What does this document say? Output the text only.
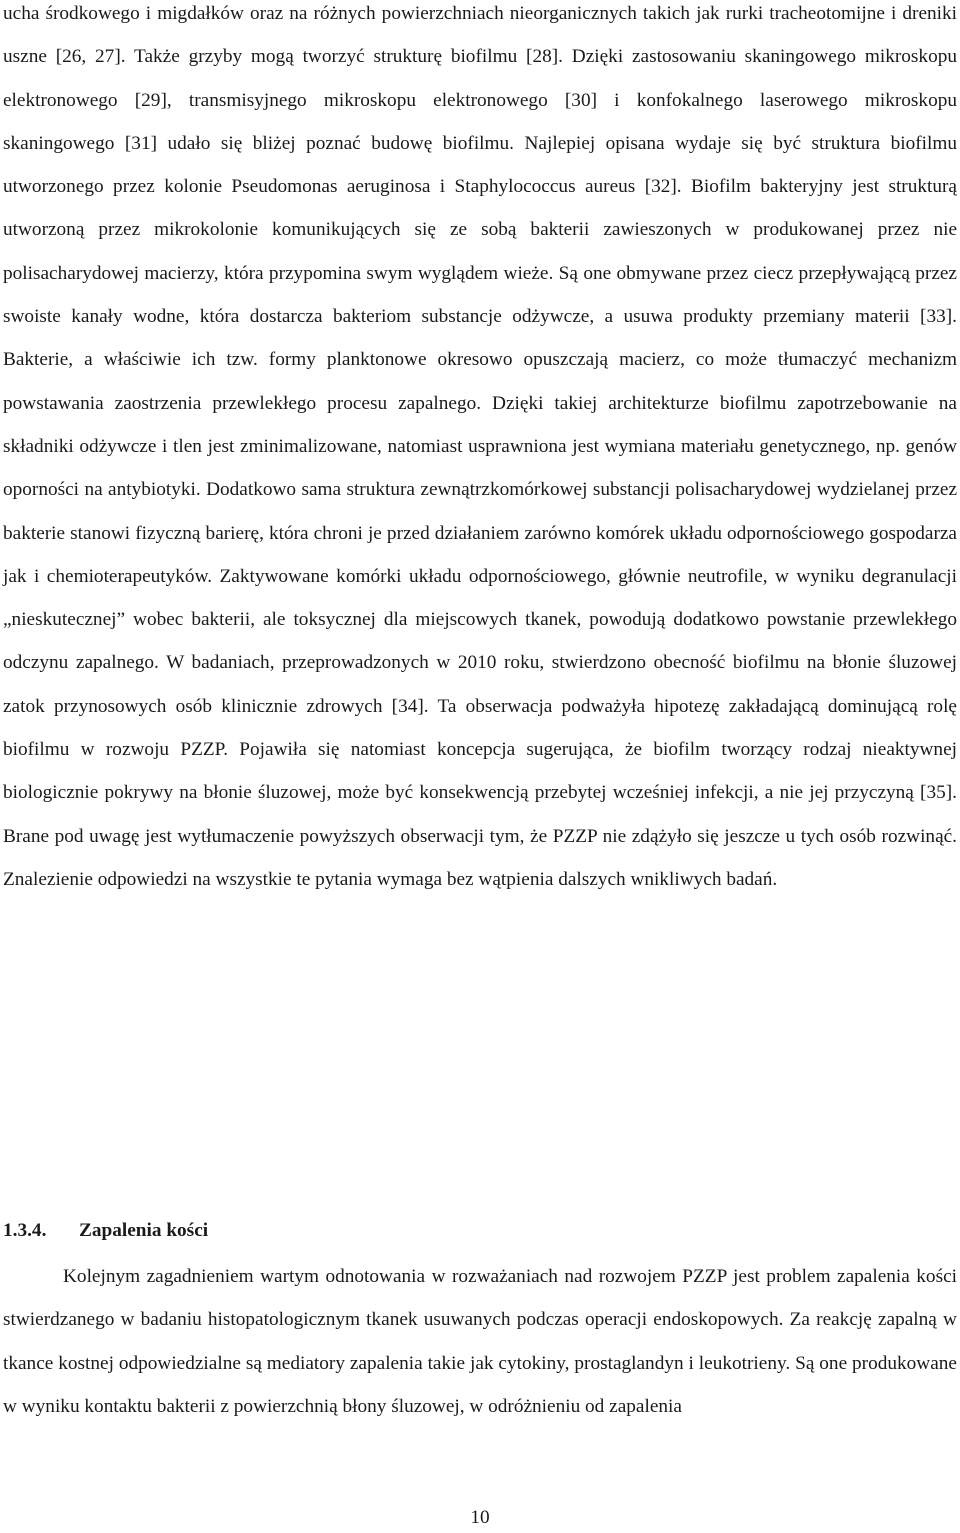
ucha środkowego i migdałków oraz na różnych powierzchniach nieorganicznych takich jak rurki tracheotomijne i dreniki uszne [26, 27]. Także grzyby mogą tworzyć strukturę biofilmu [28]. Dzięki zastosowaniu skaningowego mikroskopu elektronowego [29], transmisyjnego mikroskopu elektronowego [30] i konfokalnego laserowego mikroskopu skaningowego [31] udało się bliżej poznać budowę biofilmu. Najlepiej opisana wydaje się być struktura biofilmu utworzonego przez kolonie Pseudomonas aeruginosa i Staphylococcus aureus [32]. Biofilm bakteryjny jest strukturą utworzoną przez mikrokolonie komunikujących się ze sobą bakterii zawieszonych w produkowanej przez nie polisacharydowej macierzy, która przypomina swym wyglądem wieże. Są one obmywane przez ciecz przepływającą przez swoiste kanały wodne, która dostarcza bakteriom substancje odżywcze, a usuwa produkty przemiany materii [33]. Bakterie, a właściwie ich tzw. formy planktonowe okresowo opuszczają macierz, co może tłumaczyć mechanizm powstawania zaostrzenia przewlekłego procesu zapalnego. Dzięki takiej architekturze biofilmu zapotrzebowanie na składniki odżywcze i tlen jest zminimalizowane, natomiast usprawniona jest wymiana materiału genetycznego, np. genów oporności na antybiotyki. Dodatkowo sama struktura zewnątrzkomórkowej substancji polisacharydowej wydzielanej przez bakterie stanowi fizyczną barierę, która chroni je przed działaniem zarówno komórek układu odpornościowego gospodarza jak i chemioterapeutyków. Zaktywowane komórki układu odpornościowego, głównie neutrofile, w wyniku degranulacji „nieskutecznej” wobec bakterii, ale toksycznej dla miejscowych tkanek, powodują dodatkowo powstanie przewlekłego odczynu zapalnego. W badaniach, przeprowadzonych w 2010 roku, stwierdzono obecność biofilmu na błonie śluzowej zatok przynosowych osób klinicznie zdrowych [34]. Ta obserwacja podważyła hipotezę zakładającą dominującą rolę biofilmu w rozwoju PZZP. Pojawiła się natomiast koncepcja sugerująca, że biofilm tworzący rodzaj nieaktywnej biologicznie pokrywy na błonie śluzowej, może być konsekwencją przebytej wcześniej infekcji, a nie jej przyczyną [35]. Brane pod uwagę jest wytłumaczenie powyższych obserwacji tym, że PZZP nie zdążyło się jeszcze u tych osób rozwinąć. Znalezienie odpowiedzi na wszystkie te pytania wymaga bez wątpienia dalszych wnikliwych badań.

1.3.4. Zapalenia kości

Kolejnym zagadnieniem wartym odnotowania w rozważaniach nad rozwojem PZZP jest problem zapalenia kości stwierdzanego w badaniu histopatologicznym tkanek usuwanych podczas operacji endoskopowych. Za reakcję zapalną w tkance kostnej odpowiedzialne są mediatory zapalenia takie jak cytokiny, prostaglandyn i leukotrieny. Są one produkowane w wyniku kontaktu bakterii z powierzchnią błony śluzowej, w odróżnieniu od zapalenia

10
